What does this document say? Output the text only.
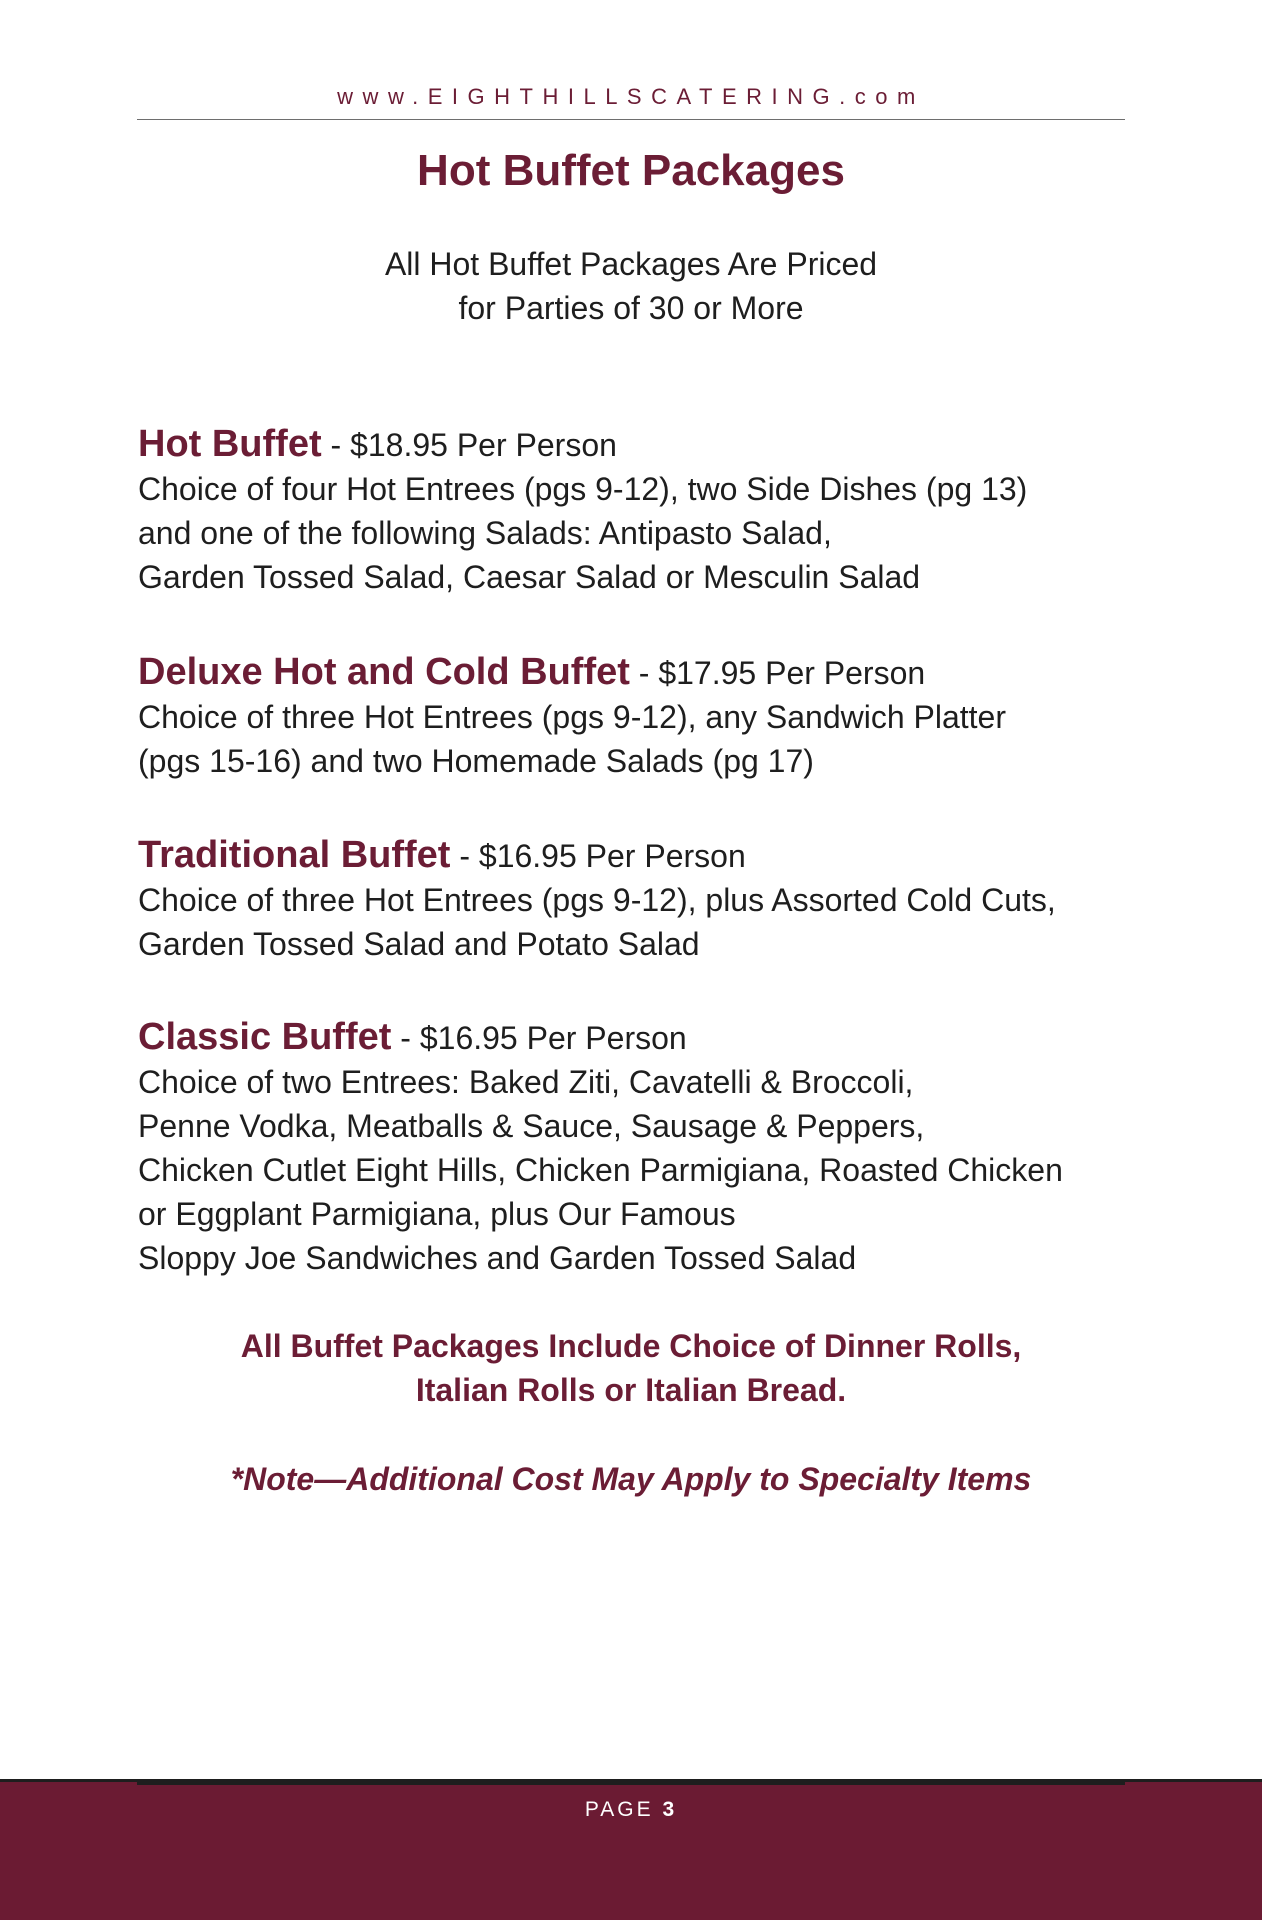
www.EIGHTHILLSCATERING.com
Hot Buffet Packages
All Hot Buffet Packages Are Priced
for Parties of 30 or More
Hot Buffet - $18.95 Per Person
Choice of four Hot Entrees (pgs 9-12), two Side Dishes (pg 13)
and one of the following Salads: Antipasto Salad,
Garden Tossed Salad, Caesar Salad or Mesculin Salad
Deluxe Hot and Cold Buffet - $17.95 Per Person
Choice of three Hot Entrees (pgs 9-12), any Sandwich Platter
(pgs 15-16) and two Homemade Salads (pg 17)
Traditional Buffet - $16.95 Per Person
Choice of three Hot Entrees (pgs 9-12), plus Assorted Cold Cuts,
Garden Tossed Salad and Potato Salad
Classic Buffet - $16.95 Per Person
Choice of two Entrees: Baked Ziti, Cavatelli & Broccoli,
Penne Vodka, Meatballs & Sauce, Sausage & Peppers,
Chicken Cutlet Eight Hills, Chicken Parmigiana, Roasted Chicken
or Eggplant Parmigiana, plus Our Famous
Sloppy Joe Sandwiches and Garden Tossed Salad
All Buffet Packages Include Choice of Dinner Rolls,
Italian Rolls or Italian Bread.
*Note—Additional Cost May Apply to Specialty Items
PAGE 3
